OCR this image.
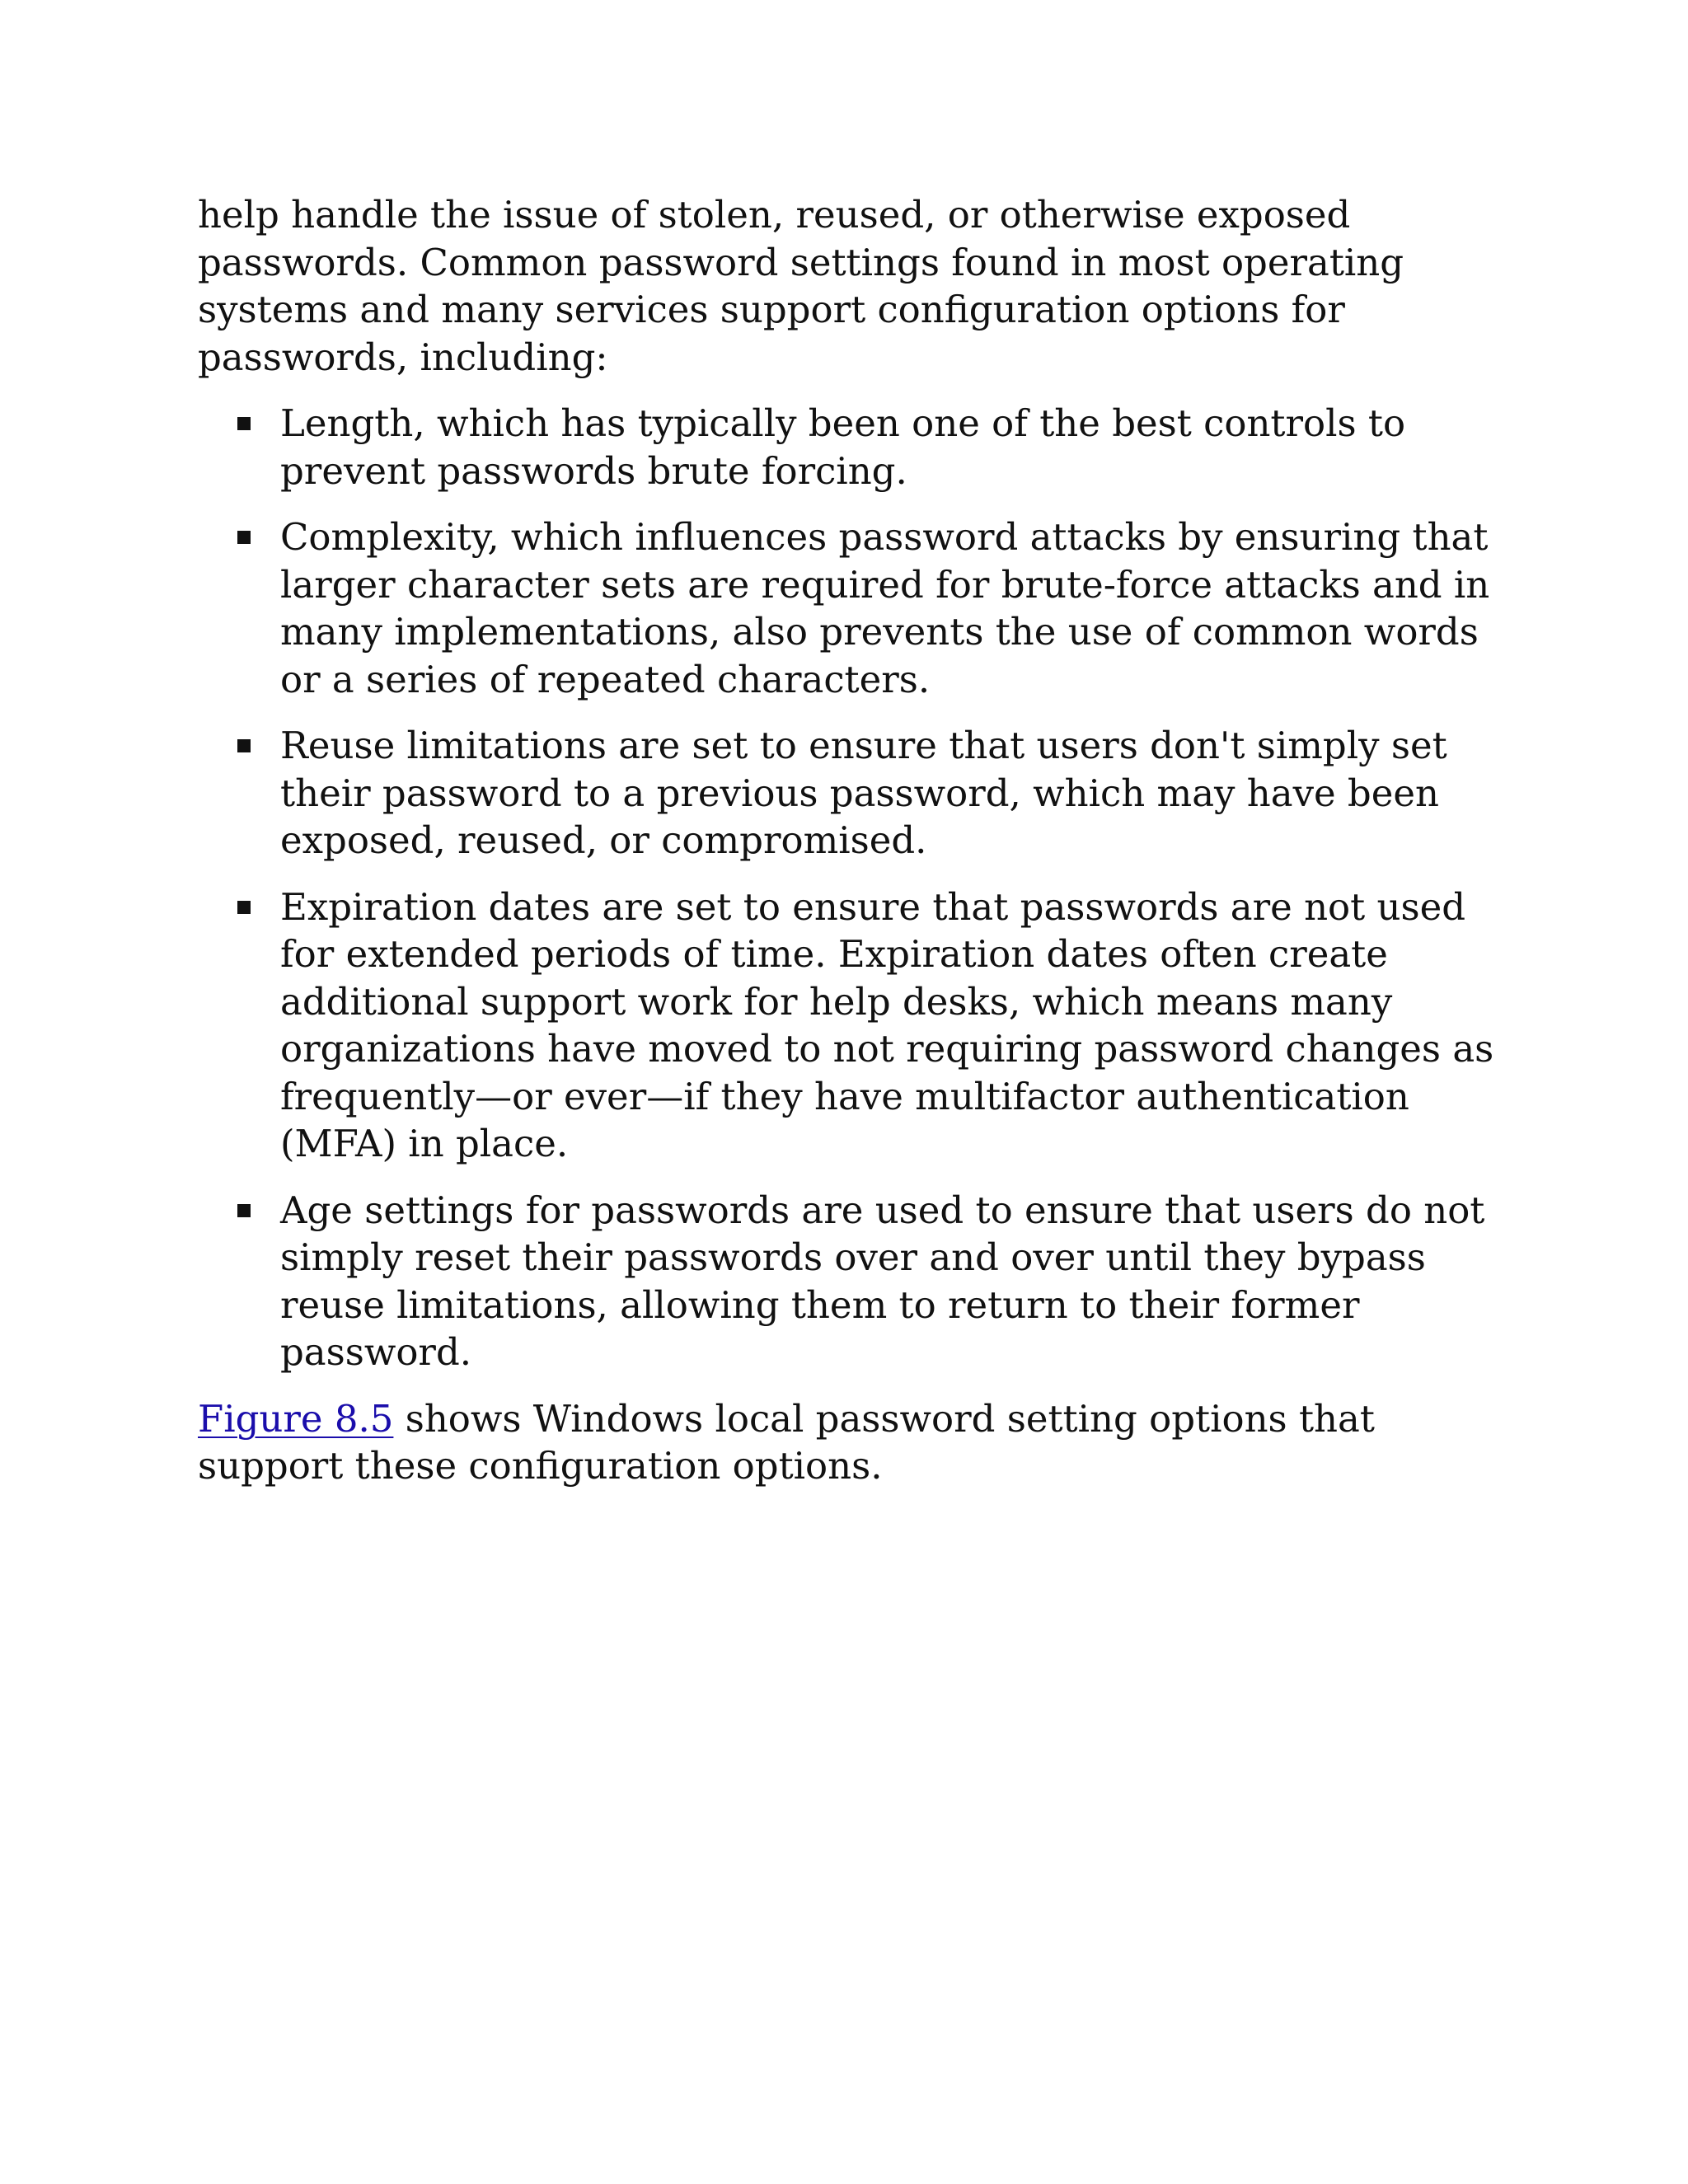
help handle the issue of stolen, reused, or otherwise exposed passwords. Common password settings found in most operating systems and many services support configuration options for passwords, including:

Length, which has typically been one of the best controls to prevent passwords brute forcing.
Complexity, which influences password attacks by ensuring that larger character sets are required for brute-force attacks and in many implementations, also prevents the use of common words or a series of repeated characters.
Reuse limitations are set to ensure that users don't simply set their password to a previous password, which may have been exposed, reused, or compromised.
Expiration dates are set to ensure that passwords are not used for extended periods of time. Expiration dates often create additional support work for help desks, which means many organizations have moved to not requiring password changes as frequently—or ever—if they have multifactor authentication (MFA) in place.
Age settings for passwords are used to ensure that users do not simply reset their passwords over and over until they bypass reuse limitations, allowing them to return to their former password.

Figure 8.5 shows Windows local password setting options that support these configuration options.
